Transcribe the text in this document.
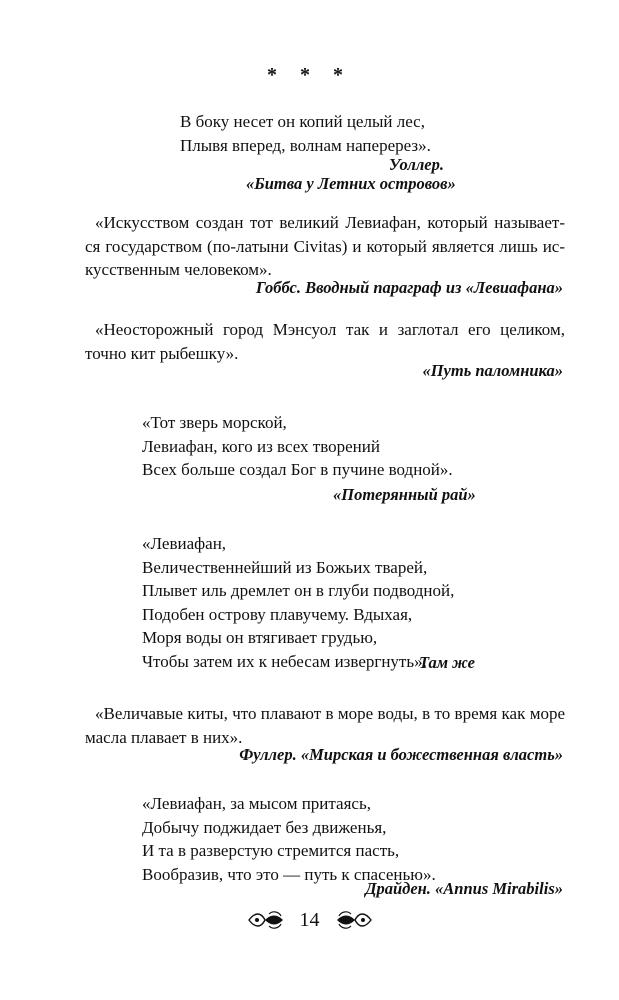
* * *
В боку несет он копий целый лес,
Плывя вперед, волнам наперерез».
Уоллер.
«Битва у Летних островов»
«Искусством создан тот великий Левиафан, который называет-
ся государством (по-латыни Civitas) и который является лишь ис-
кусственным человеком».
Гоббс. Вводный параграф из «Левиафана»
«Неосторожный город Мэнсуол так и заглотал его целиком,
точно кит рыбешку».
«Путь паломника»
«Тот зверь морской,
Левиафан, кого из всех творений
Всех больше создал Бог в пучине водной».
«Потерянный рай»
«Левиафан,
Величественнейший из Божьих тварей,
Плывет иль дремлет он в глуби подводной,
Подобен острову плавучему. Вдыхая,
Моря воды он втягивает грудью,
Чтобы затем их к небесам извергнуть».
Там же
«Величавые киты, что плавают в море воды, в то время как море
масла плавает в них».
Фуллер. «Мирская и божественная власть»
«Левиафан, за мысом притаясь,
Добычу поджидает без движенья,
И та в разверстую стремится пасть,
Вообразив, что это — путь к спасенью».
Драйден. «Annus Mirabilis»
14
